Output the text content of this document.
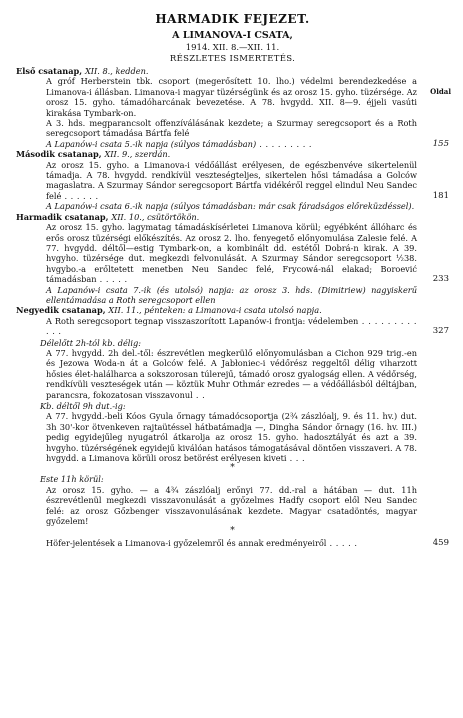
HARMADIK FEJEZET.
A LIMANOVA-I CSATA,
1914. XII. 8.—XII. 11.
RÉSZLETES ISMERTETÉS.
Oldal
Első csatanap, XII. 8., kedden.
A gróf Herberstein tbk. csoport (megerősített 10. lho.) védelmi berendezkedése a Limanova-i állásban. Limanova-i magyar tüzérségünk és az orosz 15. gyho. tüzérsége. Az orosz 15. gyho. támadóharcának bevezetése. A 78. hvgydd. XII. 8—9. éjjeli vasúti kirakása Tymbark-on.
A 3. hds. megparancsolt offenzíválásának kezdete; a Szurmay seregcsoport és a Roth seregcsoport támadása Bártfa felé
A Lapanów-i csata 5.-ik napja (súlyos támadásban) . . . . . . . . .	155
Második csatanap, XII. 9., szerdán.
Az orosz 15. gyho. a Limanova-i védőállást erélyesen, de egészbenvéve sikertelenül támadja. A 78. hvgydd. rendkívül veszteségteljes, sikertelen hősi támadása a Golców magaslatra. A Szurmay Sándor seregcsoport Bártfa vidékéről reggel elindul Neu Sandec felé . . . . . .	181
A Lapanów-i csata 6.-ik napja (súlyos támadásban: már csak fáradságos előreküzdéssel).
Harmadik csatanap, XII. 10., csütörtökön.
Az orosz 15. gyho. lagymatag támadáskísérletei Limanova körül; egyébként állóharc és erős orosz tüzérségi előkészítés. Az orosz 2. lho. fenyegető előnyomulása Zalesie felé. A 77. hvgydd. déltől—estig Tymbark-on, a kombinált dd. estétől Dobrá-n kirak. A 39. hvgyho. tüzérsége dut. megkezdi felvonulását. A Szurmay Sándor seregcsoport ½38. hvgybo.-a erőltetett menetben Neu Sandec felé, Frycowá-nál elakad; Boroević támadásban . . . . .	233
A Lapanów-i csata 7.-ik (és utolsó) napja: az orosz 3. hds. (Dimitriew) nagyiskerű ellentámadása a Roth seregcsoport ellen
Negyedik csatanap, XII. 11., pénteken: a Limanova-i csata utolsó napja.
A Roth seregcsoport tegnap visszaszorított Lapanów-i frontja: védelemben . . . . . . . . . . . .	327
Délelőtt 2h-tól kb. délig:
A 77. hvgydd. 2h del.-től: észrevétlen megkerülő előnyomulásban a Cichon 929 trig.-en és Jezowa Woda-n át a Golców felé. A Jabłoniec-i védőrész reggeltől délig viharzott hősies élet-halálharca a sokszorosan túlerejű, támadó orosz gyalogság ellen. A védőrség, rendkívüli veszteségek után — köztük Muhr Othmár ezredes — a védőállásból déltájban, parancsra, fokozatosan visszavonul . .
Kb. déltől 9h dut.-ig:
A 77. hvgydd.-beli Kóos Gyula őrnagy támadócsoportja (2¾ zászlóalj, 9. és 11. hv.) dut. 3h 30'-kor ötvenkeven rajtaütéssel hátbatámadja —, Dingha Sándor őrnagy (16. hv. III.) pedig egyidejűleg nyugatról átkarolja az orosz 15. gyho. hadosztályát és azt a 39. hvgyho. tüzérségének egyidejű kiválóan hatásos támogatásával döntően visszaveri. A 78. hvgydd. a Limanova körüli orosz betörést erélyesen kiveti . . .
*
Este 11h körül:
Az orosz 15. gyho. — a 4¾ zászlóalj erőnyi 77. dd.-ral a hátában — dut. 11h észrevétlenül megkezdi visszavonulását a győzelmes Hadfy csoport elől Neu Sandec felé: az orosz Gőzbenger visszavonulásának kezdete. Magyar csatadöntés, magyar győzelem!
*
Höfer-jelentések a Limanova-i győzelemről és annak eredményeiről . . . . .	459
